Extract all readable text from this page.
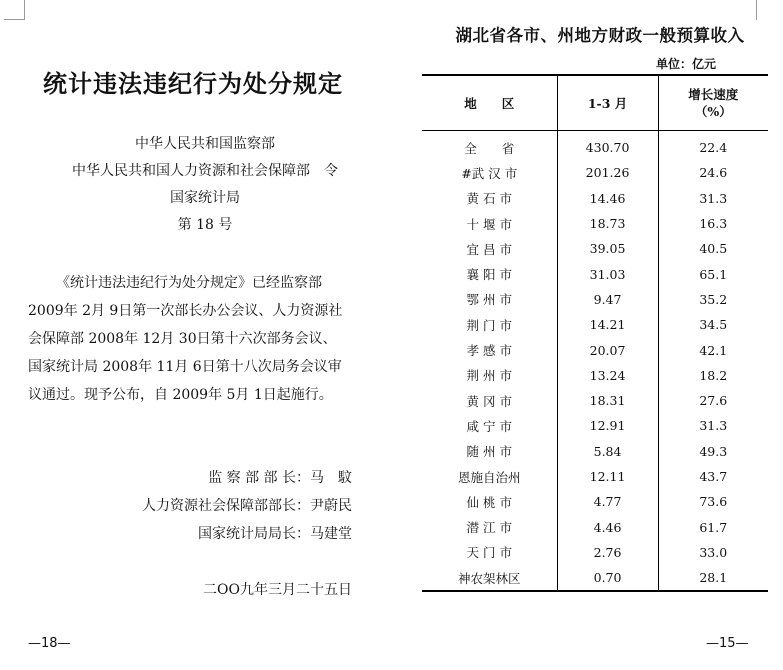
统计违法违纪行为处分规定
中华人民共和国监察部
中华人民共和国人力资源和社会保障部　令
国家统计局
第 18 号
《统计违法违纪行为处分规定》已经监察部
2009年 2月 9日第一次部长办公会议、人力资源社
会保障部 2008年 12月 30日第十六次部务会议、
国家统计局 2008年 11月 6日第十八次局务会议审
议通过。现予公布，自 2009年 5月 1日起施行。
监 察 部 部 长：马　馼
人力资源社会保障部部长：尹蔚民
国家统计局局长：马建堂
二OO九年三月二十五日
—18—
湖北省各市、州地方财政一般预算收入
单位：亿元
地　　区	1-3 月	增长速度
（%）

全　　省	430.70	22.4
#武 汉 市	201.26	24.6
黄 石 市	14.46	31.3
十 堰 市	18.73	16.3
宜 昌 市	39.05	40.5
襄 阳 市	31.03	65.1
鄂 州 市	9.47	35.2
荆 门 市	14.21	34.5
孝 感 市	20.07	42.1
荆 州 市	13.24	18.2
黄 冈 市	18.31	27.6
咸 宁 市	12.91	31.3
随 州 市	5.84	49.3
恩施自治州	12.11	43.7
仙 桃 市	4.77	73.6
潜 江 市	4.46	61.7
天 门 市	2.76	33.0
神农架林区	0.70	28.1
—15—
